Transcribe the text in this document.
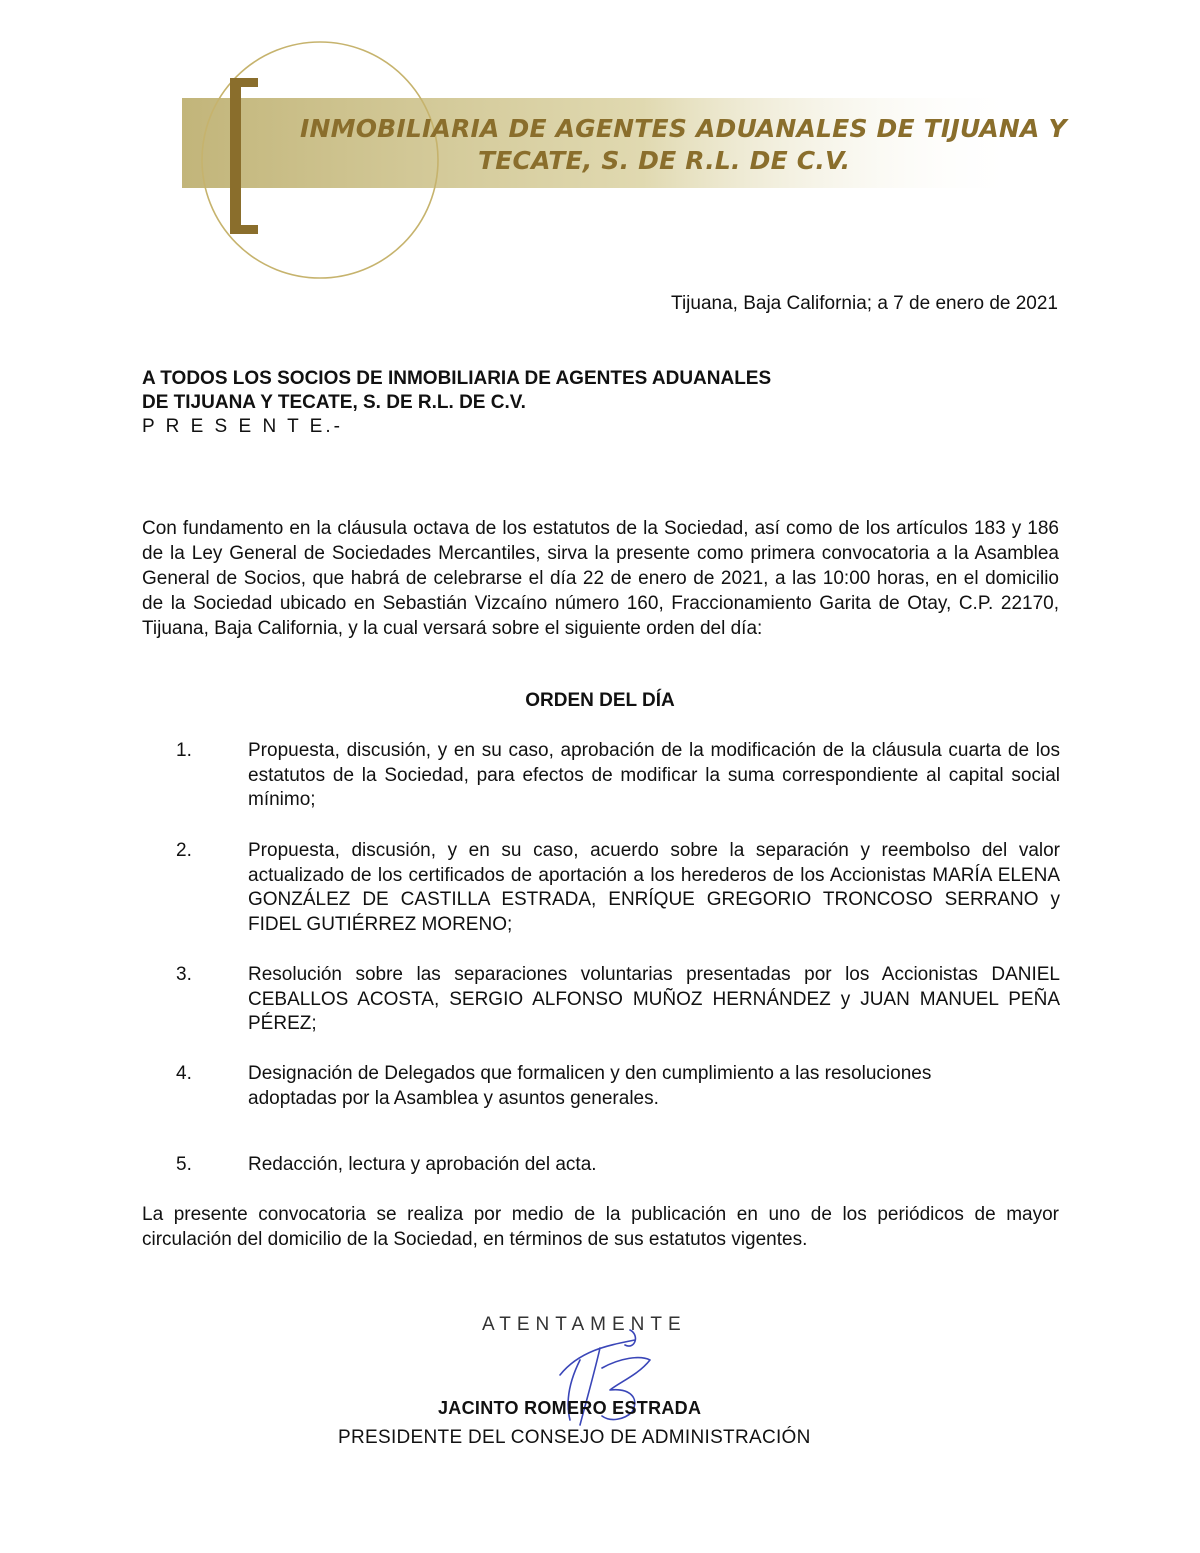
INMOBILIARIA DE AGENTES ADUANALES DE TIJUANA Y
TECATE, S. DE R.L. DE C.V.
Tijuana, Baja California; a 7 de enero de 2021
A TODOS LOS SOCIOS DE INMOBILIARIA DE AGENTES ADUANALES
DE TIJUANA Y TECATE, S. DE R.L. DE C.V.
P R E S E N T E.-

Con fundamento en la cláusula octava de los estatutos de la Sociedad, así como de los artículos 183 y 186 de la Ley General de Sociedades Mercantiles, sirva la presente como primera convocatoria a la Asamblea General de Socios, que habrá de celebrarse el día 22 de enero de 2021, a las 10:00 horas, en el domicilio de la Sociedad ubicado en Sebastián Vizcaíno número 160, Fraccionamiento Garita de Otay, C.P. 22170, Tijuana, Baja California, y la cual versará sobre el siguiente orden del día:

ORDEN DEL DÍA
1.	Propuesta, discusión, y en su caso, aprobación de la modificación de la cláusula cuarta de los estatutos de la Sociedad, para efectos de modificar la suma correspondiente al capital social mínimo;
2.	Propuesta, discusión, y en su caso, acuerdo sobre la separación y reembolso del valor actualizado de los certificados de aportación a los herederos de los Accionistas MARÍA ELENA GONZÁLEZ DE CASTILLA ESTRADA, ENRÍQUE GREGORIO TRONCOSO SERRANO y FIDEL GUTIÉRREZ MORENO;
3.	Resolución sobre las separaciones voluntarias presentadas por los Accionistas DANIEL CEBALLOS ACOSTA, SERGIO ALFONSO MUÑOZ HERNÁNDEZ y JUAN MANUEL PEÑA PÉREZ;
4.	Designación de Delegados que formalicen y den cumplimiento a las resoluciones adoptadas por la Asamblea y asuntos generales.
5.	Redacción, lectura y aprobación del acta.

La presente convocatoria se realiza por medio de la publicación en uno de los periódicos de mayor circulación del domicilio de la Sociedad, en términos de sus estatutos vigentes.

ATENTAMENTE
JACINTO ROMERO ESTRADA
PRESIDENTE DEL CONSEJO DE ADMINISTRACIÓN
